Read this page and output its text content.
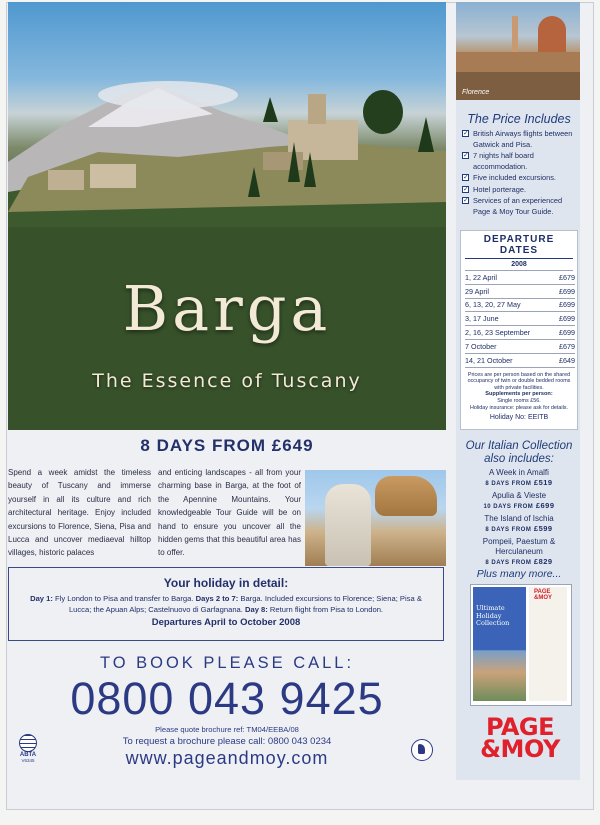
Barga
The Essence of Tuscany
Florence
The Price Includes
✓ British Airways flights between Gatwick and Pisa.
✓ 7 nights half board accommodation.
✓ Five included excursions.
✓ Hotel porterage.
✓ Services of an experienced Page & Moy Tour Guide.
DEPARTURE DATES
2008
1, 22 April	£679
29 April	£699
6, 13, 20, 27 May	£699
3, 17 June	£699
2, 16, 23 September	£699
7 October	£679
14, 21 October	£649
Prices are per person based on the shared occupancy of twin or double bedded rooms with private facilities.
Supplements per person:
Single rooms £56.
Holiday insurance: please ask for details.
Holiday No: EEITB
Our Italian Collection
also includes:
A Week in Amalfi
8 DAYS FROM £519
Apulia & Vieste
10 DAYS FROM £699
The Island of Ischia
8 DAYS FROM £599
Pompeii, Paestum & Herculaneum
8 DAYS FROM £829
Plus many more...
Ultimate Holiday Collection
PAGE
&MOY
PAGE
&MOY
8 DAYS FROM £649
Spend a week amidst the timeless beauty of Tuscany and immerse yourself in all its culture and rich architectural heritage. Enjoy included excursions to Florence, Siena, Pisa and Lucca and uncover mediaeval hilltop villages, historic palaces
and enticing landscapes - all from your charming base in Barga, at the foot of the Apennine Mountains. Your knowledgeable Tour Guide will be on hand to ensure you uncover all the hidden gems that this beautiful area has to offer.
Your holiday in detail:
Day 1: Fly London to Pisa and transfer to Barga. Days 2 to 7: Barga. Included excursions to Florence; Siena; Pisa & Lucca; the Apuan Alps; Castelnuovo di Garfagnana. Day 8: Return flight from Pisa to London.
Departures April to October 2008
TO BOOK PLEASE CALL:
0800 043 9425
Please quote brochure ref: TM04/EEBA/08
To request a brochure please call: 0800 043 0234
www.pageandmoy.com
ABTA
V6345
